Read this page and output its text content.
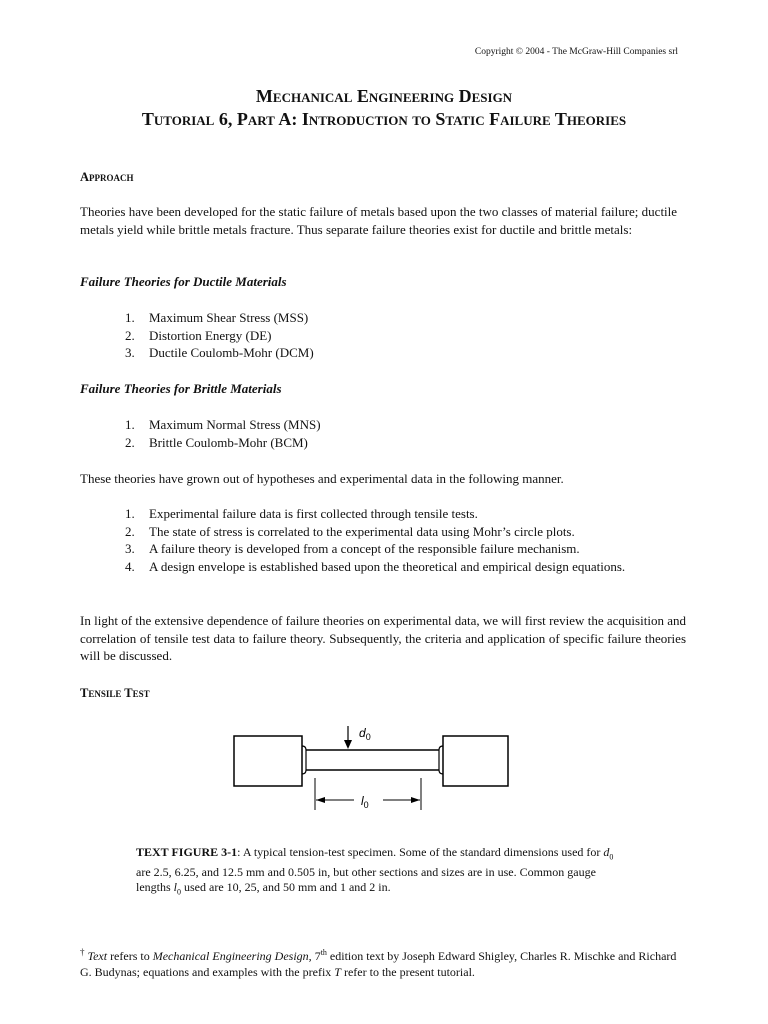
Copyright © 2004 - The McGraw-Hill Companies srl
Mechanical Engineering Design
Tutorial 6, Part A: Introduction to Static Failure Theories
Approach
Theories have been developed for the static failure of metals based upon the two classes of material failure; ductile metals yield while brittle metals fracture. Thus separate failure theories exist for ductile and brittle metals:
Failure Theories for Ductile Materials
1. Maximum Shear Stress (MSS)
2. Distortion Energy (DE)
3. Ductile Coulomb-Mohr (DCM)
Failure Theories for Brittle Materials
1. Maximum Normal Stress (MNS)
2. Brittle Coulomb-Mohr (BCM)
These theories have grown out of hypotheses and experimental data in the following manner.
1. Experimental failure data is first collected through tensile tests.
2. The state of stress is correlated to the experimental data using Mohr’s circle plots.
3. A failure theory is developed from a concept of the responsible failure mechanism.
4. A design envelope is established based upon the theoretical and empirical design equations.
In light of the extensive dependence of failure theories on experimental data, we will first review the acquisition and correlation of tensile test data to failure theory. Subsequently, the criteria and application of specific failure theories will be discussed.
Tensile Test
$d_0$
$l_0$
TEXT FIGURE 3-1: A typical tension-test specimen. Some of the standard dimensions used for $d_0$ are 2.5, 6.25, and 12.5 mm and 0.505 in, but other sections and sizes are in use. Common gauge lengths $l_0$ used are 10, 25, and 50 mm and 1 and 2 in.
† Text refers to Mechanical Engineering Design, 7th edition text by Joseph Edward Shigley, Charles R. Mischke and Richard G. Budynas; equations and examples with the prefix T refer to the present tutorial.
